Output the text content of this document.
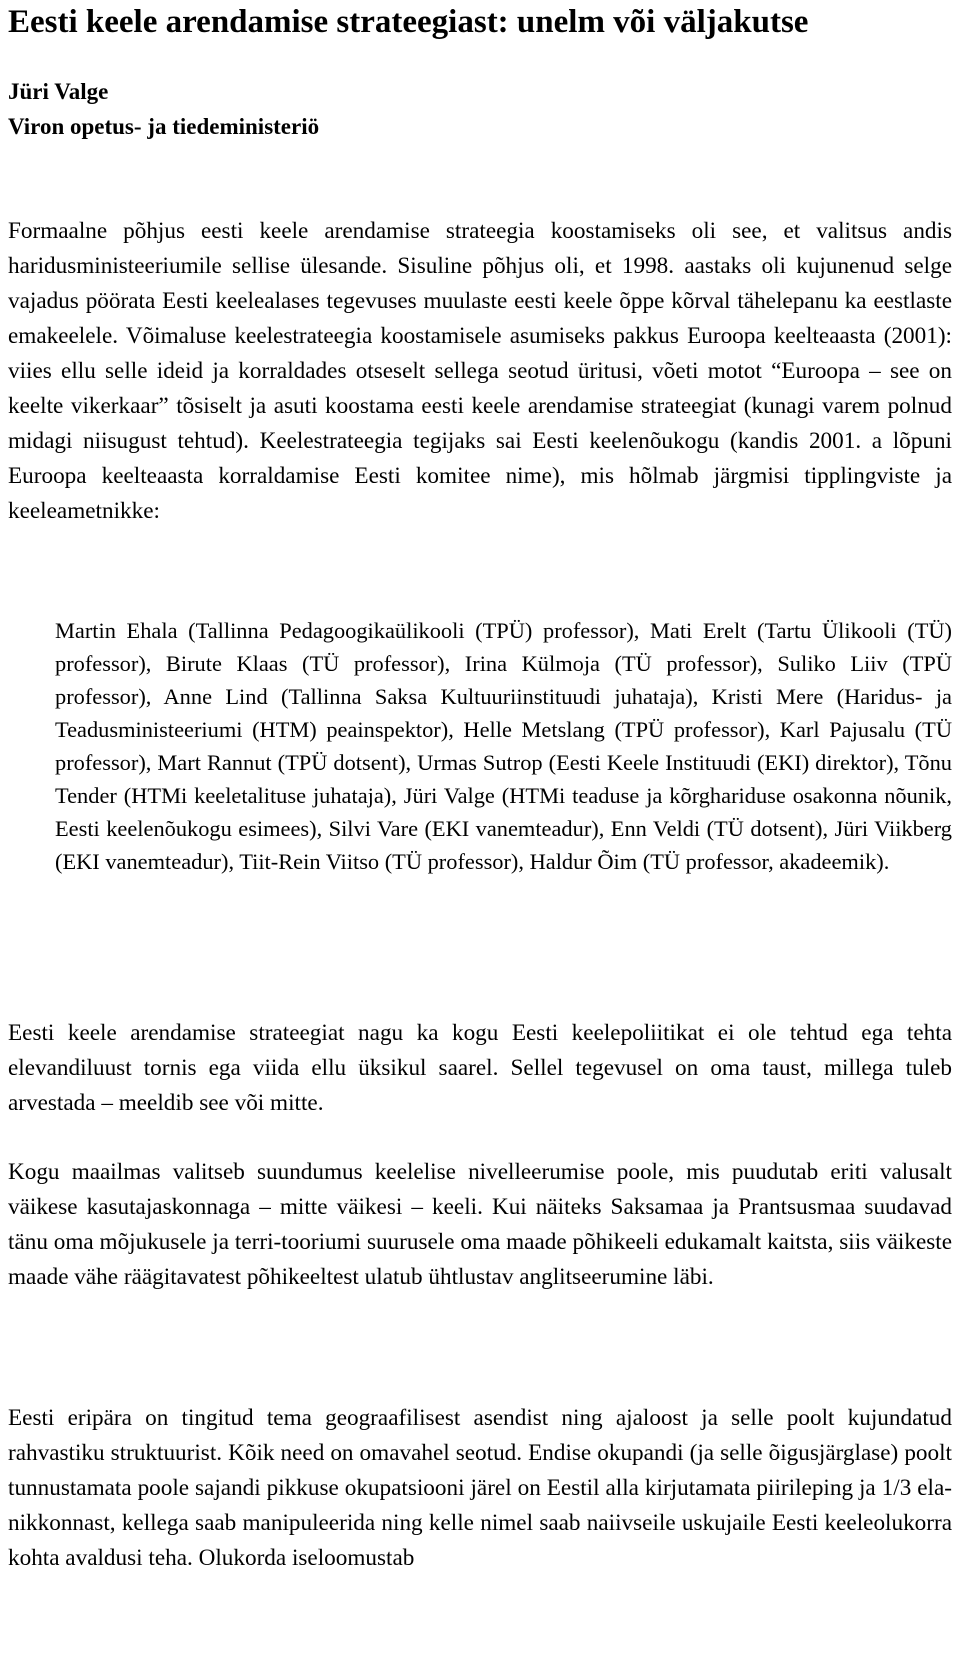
Eesti keele arendamise strateegiast: unelm või väljakutse
Jüri Valge
Viron opetus- ja tiedeministeriö

Formaalne põhjus eesti keele arendamise strateegia koostamiseks oli see, et valitsus andis haridusministeeriumile sellise ülesande. Sisuline põhjus oli, et 1998. aastaks oli kujunenud selge vajadus pöörata Eesti keelealases tegevuses muulaste eesti keele õppe kõrval tähelepanu ka eestlaste emakeelele. Võimaluse keelestrateegia koostamisele asumiseks pakkus Euroopa keelteaasta (2001): viies ellu selle ideid ja korraldades otseselt sellega seotud üritusi, võeti motot “Euroopa – see on keelte vikerkaar” tõsiselt ja asuti koostama eesti keele arendamise strateegiat (kunagi varem polnud midagi niisugust tehtud). Keelestrateegia tegijaks sai Eesti keelenõukogu (kandis 2001. a lõpuni Euroopa keelteaasta korraldamise Eesti komitee nime), mis hõlmab järgmisi tipplingviste ja keeleametnikke:

Martin Ehala (Tallinna Pedagoogikaülikooli (TPÜ) professor), Mati Erelt (Tartu Ülikooli (TÜ) professor), Birute Klaas (TÜ professor), Irina Külmoja (TÜ professor), Suliko Liiv (TPÜ professor), Anne Lind (Tallinna Saksa Kultuuriinstituudi juhataja), Kristi Mere (Haridus- ja Teadusministeeriumi (HTM) peainspektor), Helle Metslang (TPÜ professor), Karl Pajusalu (TÜ professor), Mart Rannut (TPÜ dotsent), Urmas Sutrop (Eesti Keele Instituudi (EKI) direktor), Tõnu Tender (HTMi keeletalituse juhataja), Jüri Valge (HTMi teaduse ja kõrghariduse osakonna nõunik, Eesti keelenõukogu esimees), Silvi Vare (EKI vanemteadur), Enn Veldi (TÜ dotsent), Jüri Viikberg (EKI vanemteadur), Tiit-Rein Viitso (TÜ professor), Haldur Õim (TÜ professor, akadeemik).

Eesti keele arendamise strateegiat nagu ka kogu Eesti keelepoliitikat ei ole tehtud ega tehta elevandiluust tornis ega viida ellu üksikul saarel. Sellel tegevusel on oma taust, millega tuleb arvestada – meeldib see või mitte.

Kogu maailmas valitseb suundumus keelelise nivelleerumise poole, mis puudutab eriti valusalt väikese kasutajaskonnaga – mitte väikesi – keeli. Kui näiteks Saksamaa ja Prantsusmaa suudavad tänu oma mõjukusele ja terri-tooriumi suurusele oma maade põhikeeli edukamalt kaitsta, siis väikeste maade vähe räägitavatest põhikeeltest ulatub ühtlustav anglitseerumine läbi.

Eesti eripära on tingitud tema geograafilisest asendist ning ajaloost ja selle poolt kujundatud rahvastiku struktuurist. Kõik need on omavahel seotud. Endise okupandi (ja selle õigusjärglase) poolt tunnustamata poole sajandi pikkuse okupatsiooni järel on Eestil alla kirjutamata piirileping ja 1/3 elanikkonnast, kellega saab manipuleerida ning kelle nimel saab naiivseile uskujaile Eesti keeleolukorra kohta avaldusi teha. Olukorda iseloomustab
